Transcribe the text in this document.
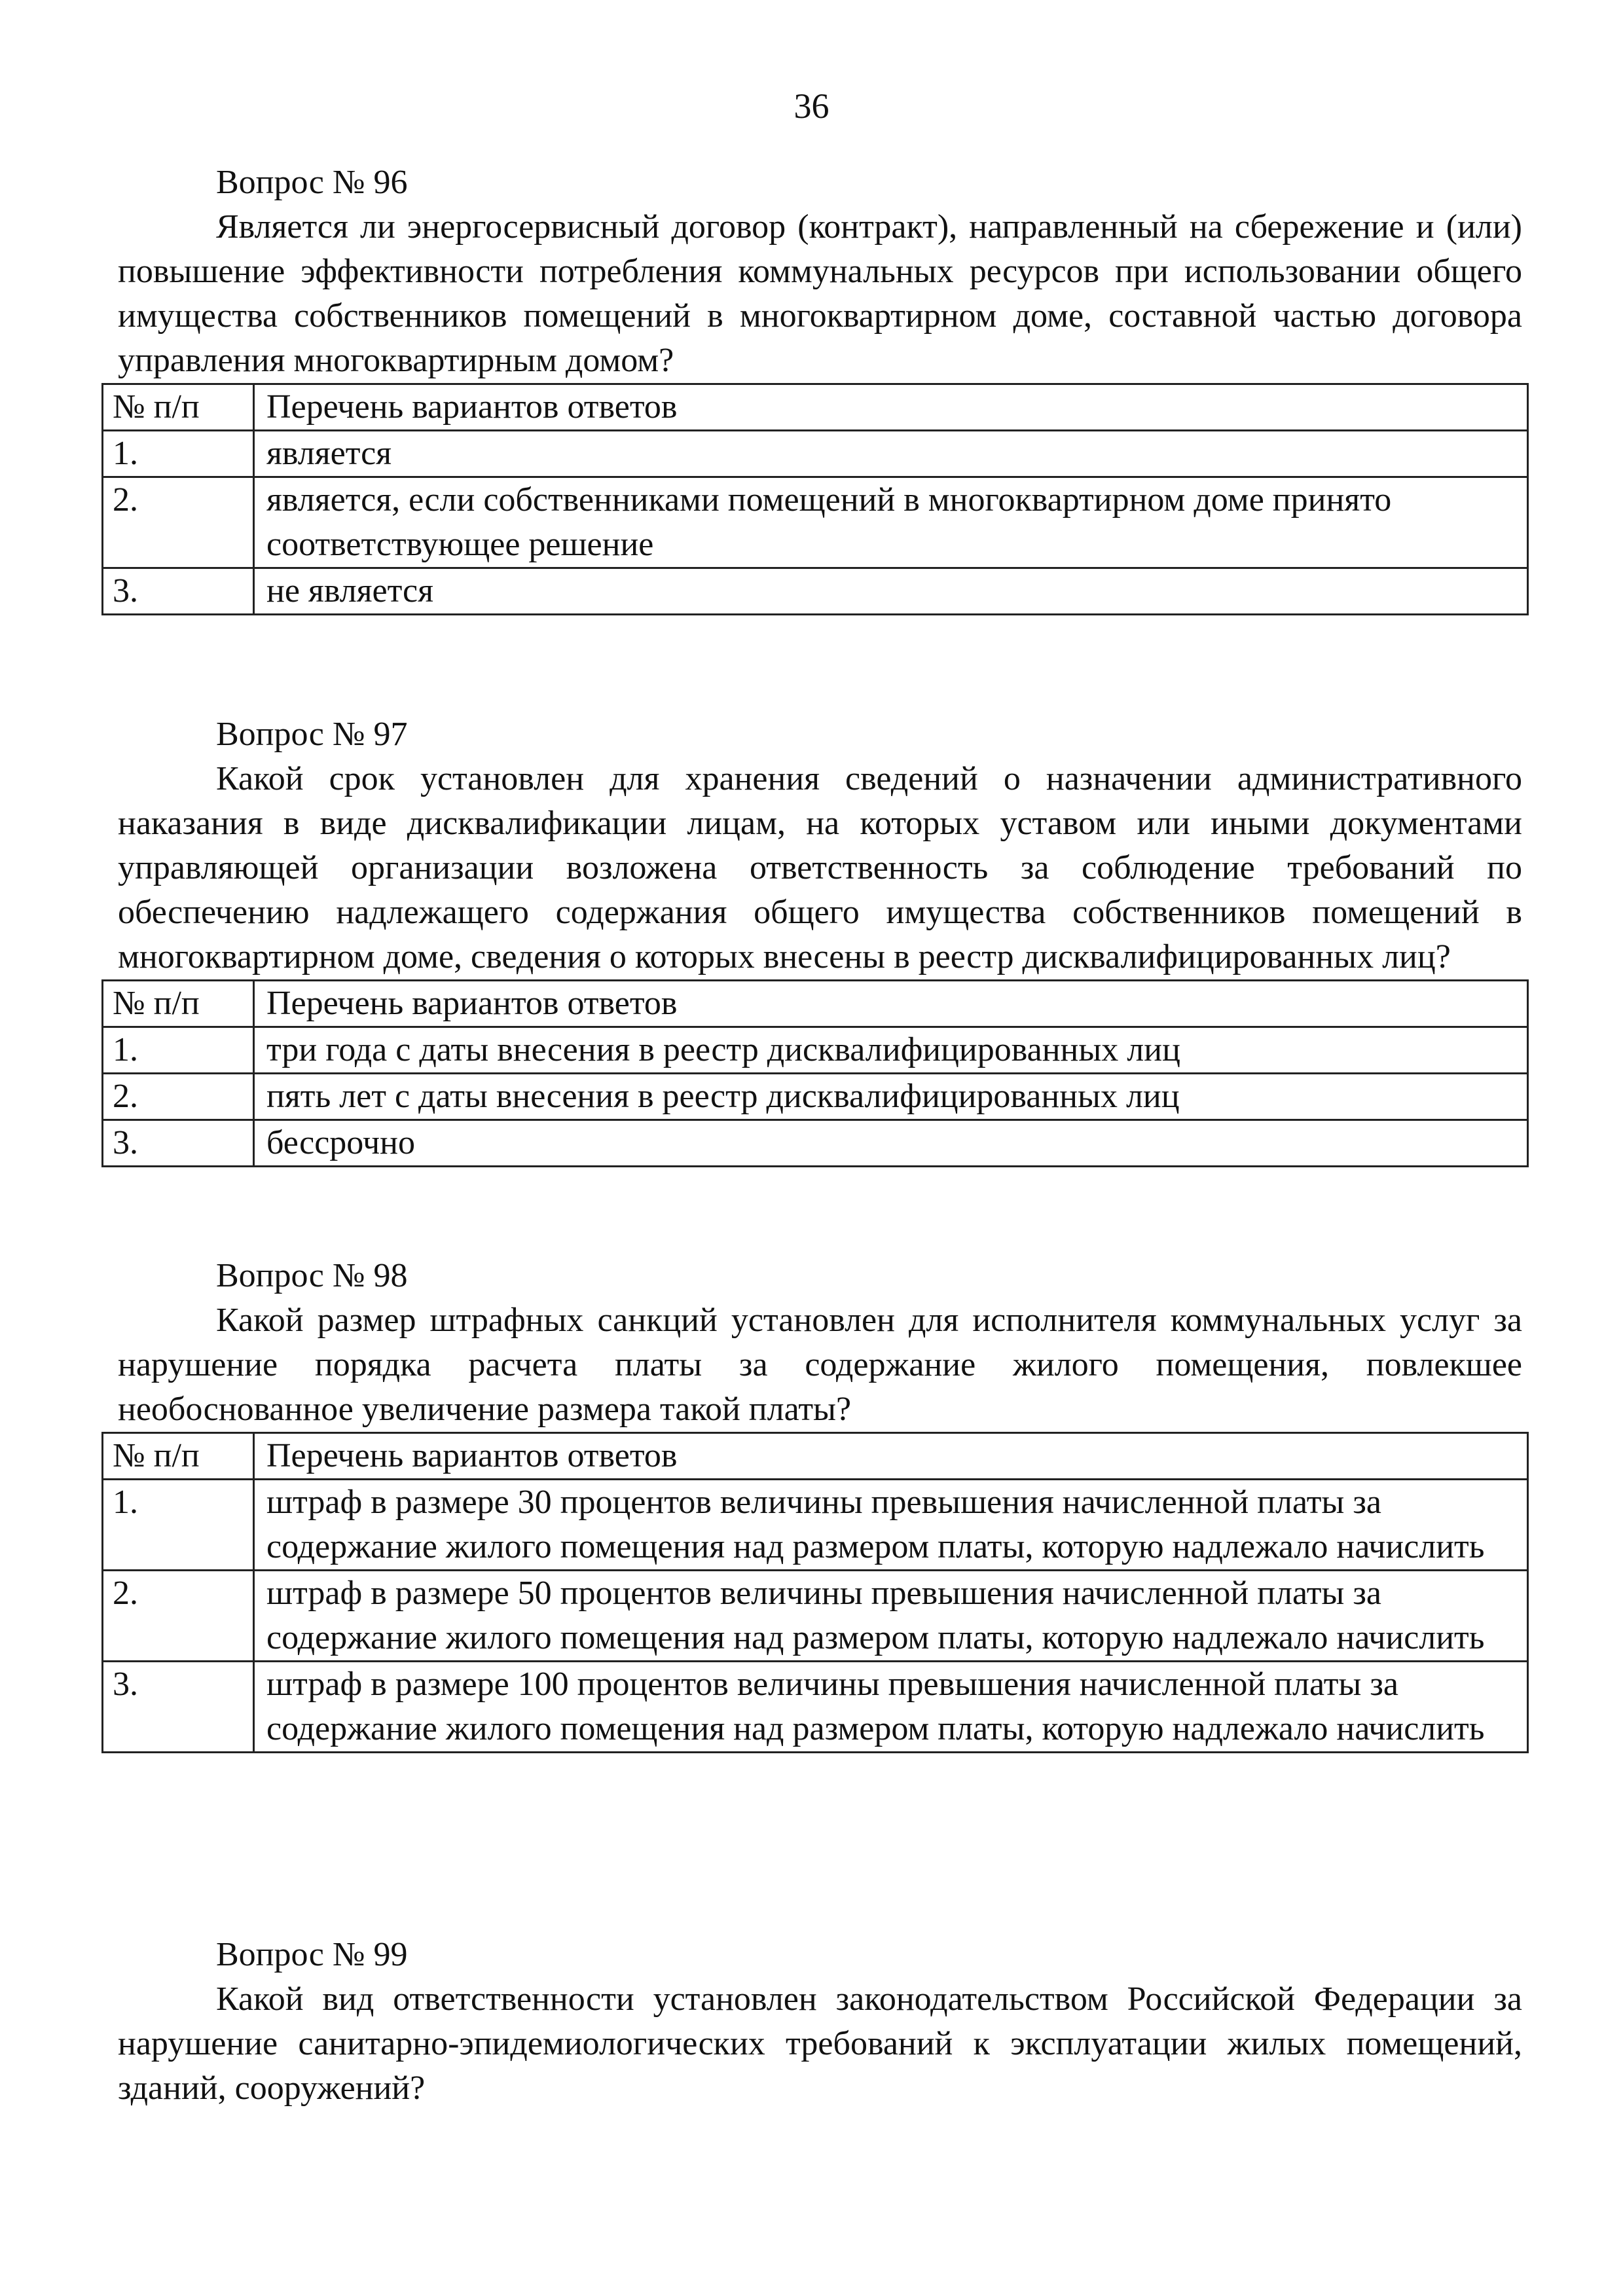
36
Вопрос № 96
Является ли энергосервисный договор (контракт), направленный на сбережение и (или) повышение эффективности потребления коммунальных ресурсов при использовании общего имущества собственников помещений в многоквартирном доме, составной частью договора управления многоквартирным домом?
№ п/п	Перечень вариантов ответов
1.	является
2.	является, если собственниками помещений в многоквартирном доме принято соответствующее решение
3.	не является
Вопрос № 97
Какой срок установлен для хранения сведений о назначении административного наказания в виде дисквалификации лицам, на которых уставом или иными документами управляющей организации возложена ответственность за соблюдение требований по обеспечению надлежащего содержания общего имущества собственников помещений в многоквартирном доме, сведения о которых внесены в реестр дисквалифицированных лиц?
№ п/п	Перечень вариантов ответов
1.	три года с даты внесения в реестр дисквалифицированных лиц
2.	пять лет с даты внесения в реестр дисквалифицированных лиц
3.	бессрочно
Вопрос № 98
Какой размер штрафных санкций установлен для исполнителя коммунальных услуг за нарушение порядка расчета платы за содержание жилого помещения, повлекшее необоснованное увеличение размера такой платы?
№ п/п	Перечень вариантов ответов
1.	штраф в размере 30 процентов величины превышения начисленной платы за содержание жилого помещения над размером платы, которую надлежало начислить
2.	штраф в размере 50 процентов величины превышения начисленной платы за содержание жилого помещения над размером платы, которую надлежало начислить
3.	штраф в размере 100 процентов величины превышения начисленной платы за содержание жилого помещения над размером платы, которую надлежало начислить
Вопрос № 99
Какой вид ответственности установлен законодательством Российской Федерации за нарушение санитарно-эпидемиологических требований к эксплуатации жилых помещений, зданий, сооружений?
